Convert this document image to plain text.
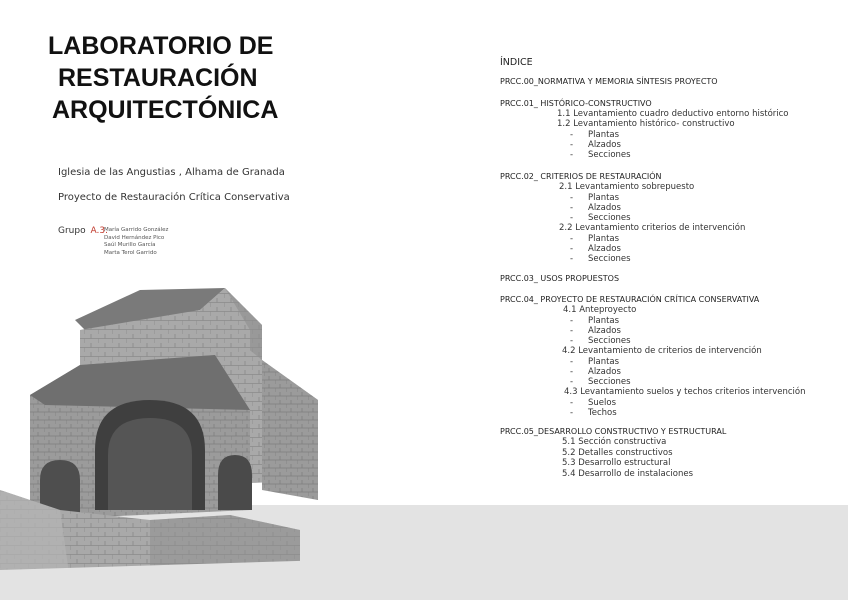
LABORATORIO DE
RESTAURACIÓN
ARQUITECTÓNICA
Iglesia de las Angustias , Alhama de Granada
Proyecto de Restauración Crítica Conservativa
Grupo A.3.
María Garrido González
David Hernández Pico
Saúl Murillo García
Marta Terol Garrido
ÍNDICE
PRCC.00_NORMATIVA Y MEMORIA SÍNTESIS PROYECTO
PRCC.01_ HISTÓRICO-CONSTRUCTIVO
1.1 Levantamiento cuadro deductivo entorno histórico
1.2 Levantamiento histórico- constructivo
- Plantas
- Alzados
- Secciones
PRCC.02_ CRITERIOS DE RESTAURACIÓN
2.1 Levantamiento sobrepuesto
- Plantas
- Alzados
- Secciones
2.2 Levantamiento criterios de intervención
- Plantas
- Alzados
- Secciones
PRCC.03_ USOS PROPUESTOS
PRCC.04_ PROYECTO DE RESTAURACIÓN CRÍTICA CONSERVATIVA
4.1 Anteproyecto
- Plantas
- Alzados
- Secciones
4.2 Levantamiento de criterios de intervención
- Plantas
- Alzados
- Secciones
4.3 Levantamiento suelos y techos criterios intervención
- Suelos
- Techos
PRCC.05_DESARROLLO CONSTRUCTIVO Y ESTRUCTURAL
5.1 Sección constructiva
5.2 Detalles constructivos
5.3 Desarrollo estructural
5.4 Desarrollo de instalaciones
